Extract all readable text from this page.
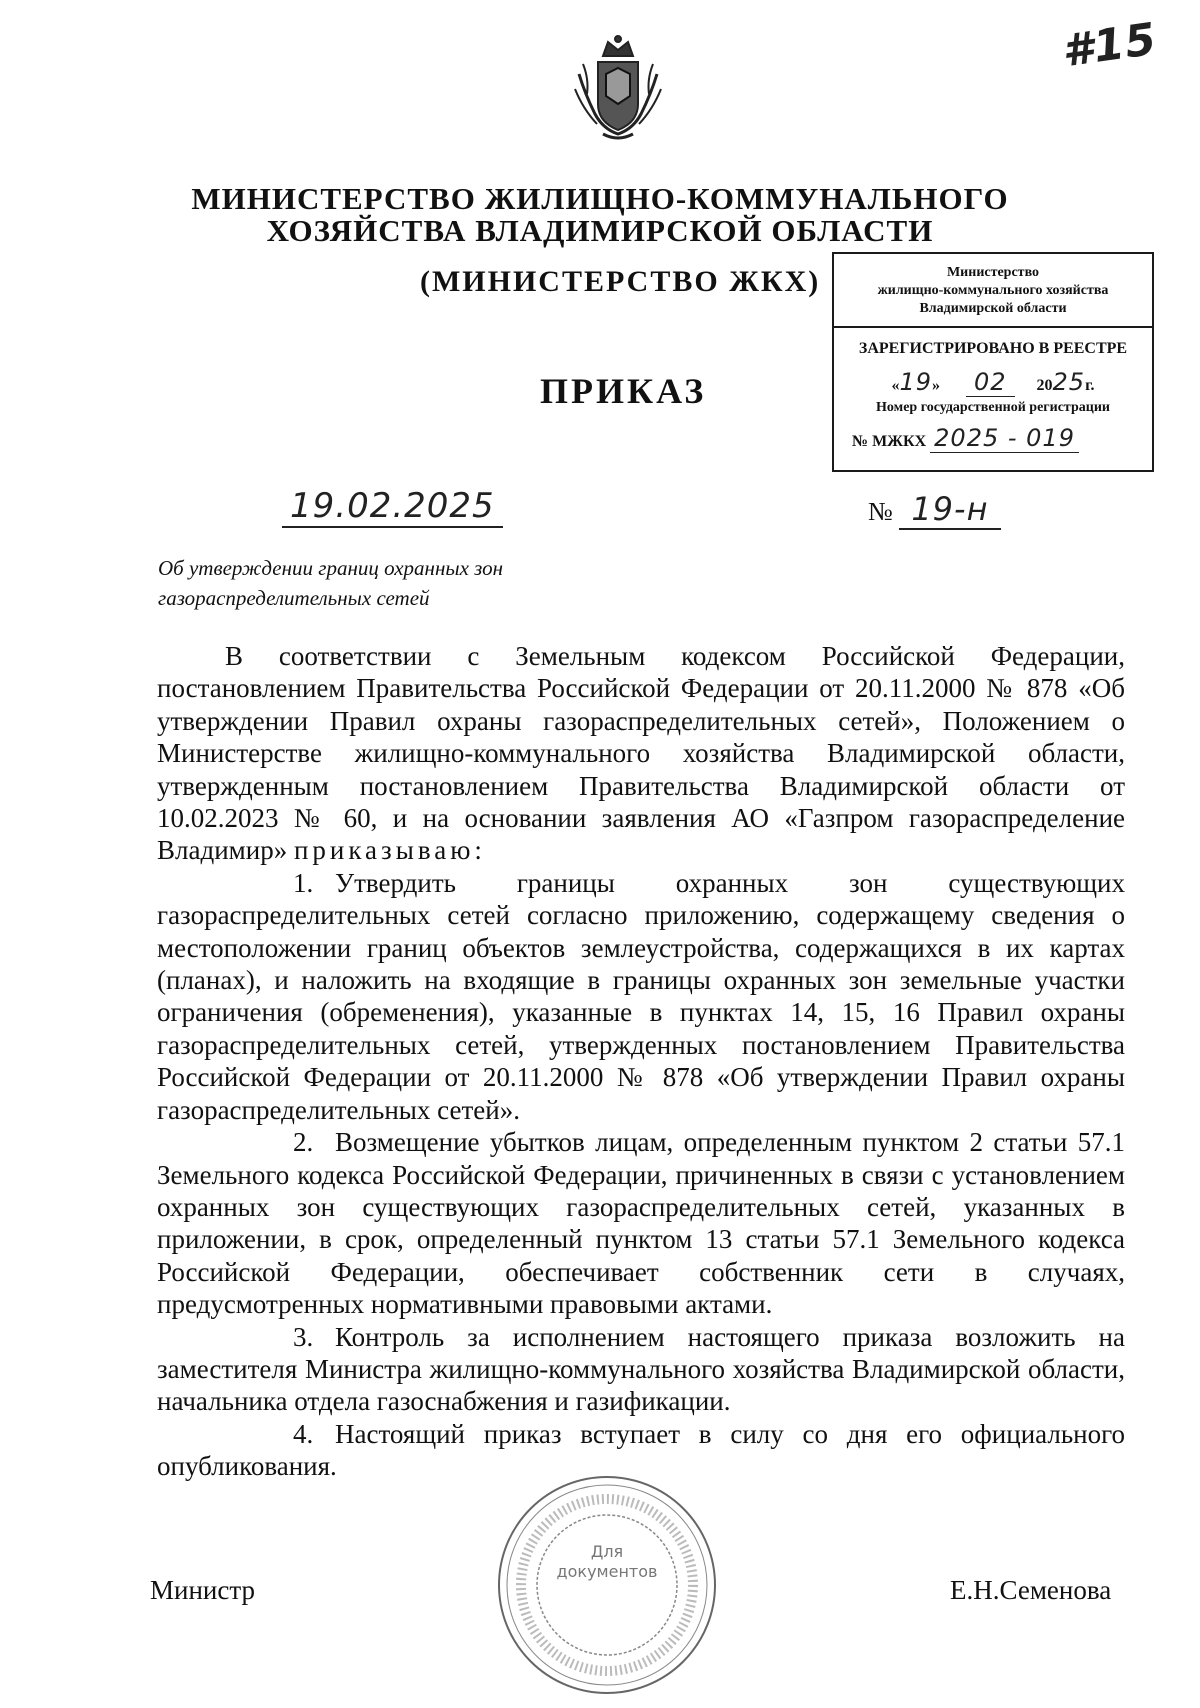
#15
МИНИСТЕРСТВО ЖИЛИЩНО-КОММУНАЛЬНОГО
ХОЗЯЙСТВА ВЛАДИМИРСКОЙ ОБЛАСТИ
(МИНИСТЕРСТВО ЖКХ)
ПРИКАЗ
Министерство
жилищно-коммунального хозяйства
Владимирской области
ЗАРЕГИСТРИРОВАНО В РЕЕСТРЕ
«19» 02 2025г.
Номер государственной регистрации
№ МЖКХ 2025 - 019
19.02.2025	№ 19-н
Об утверждении границ охранных зон
газораспределительных сетей

В соответствии с Земельным кодексом Российской Федерации, постановлением Правительства Российской Федерации от 20.11.2000 № 878 «Об утверждении Правил охраны газораспределительных сетей», Положением о Министерстве жилищно-коммунального хозяйства Владимирской области, утвержденным постановлением Правительства Владимирской области от 10.02.2023 № 60, и на основании заявления АО «Газпром газораспределение Владимир» приказываю:

1. Утвердить границы охранных зон существующих газораспределительных сетей согласно приложению, содержащему сведения о местоположении границ объектов землеустройства, содержащихся в их картах (планах), и наложить на входящие в границы охранных зон земельные участки ограничения (обременения), указанные в пунктах 14, 15, 16 Правил охраны газораспределительных сетей, утвержденных постановлением Правительства Российской Федерации от 20.11.2000 № 878 «Об утверждении Правил охраны газораспределительных сетей».

2. Возмещение убытков лицам, определенным пунктом 2 статьи 57.1 Земельного кодекса Российской Федерации, причиненных в связи с установлением охранных зон существующих газораспределительных сетей, указанных в приложении, в срок, определенный пунктом 13 статьи 57.1 Земельного кодекса Российской Федерации, обеспечивает собственник сети в случаях, предусмотренных нормативными правовыми актами.

3. Контроль за исполнением настоящего приказа возложить на заместителя Министра жилищно-коммунального хозяйства Владимирской области, начальника отдела газоснабжения и газификации.

4. Настоящий приказ вступает в силу со дня его официального опубликования.

Для
документов
Министр	Е.Н.Семенова
